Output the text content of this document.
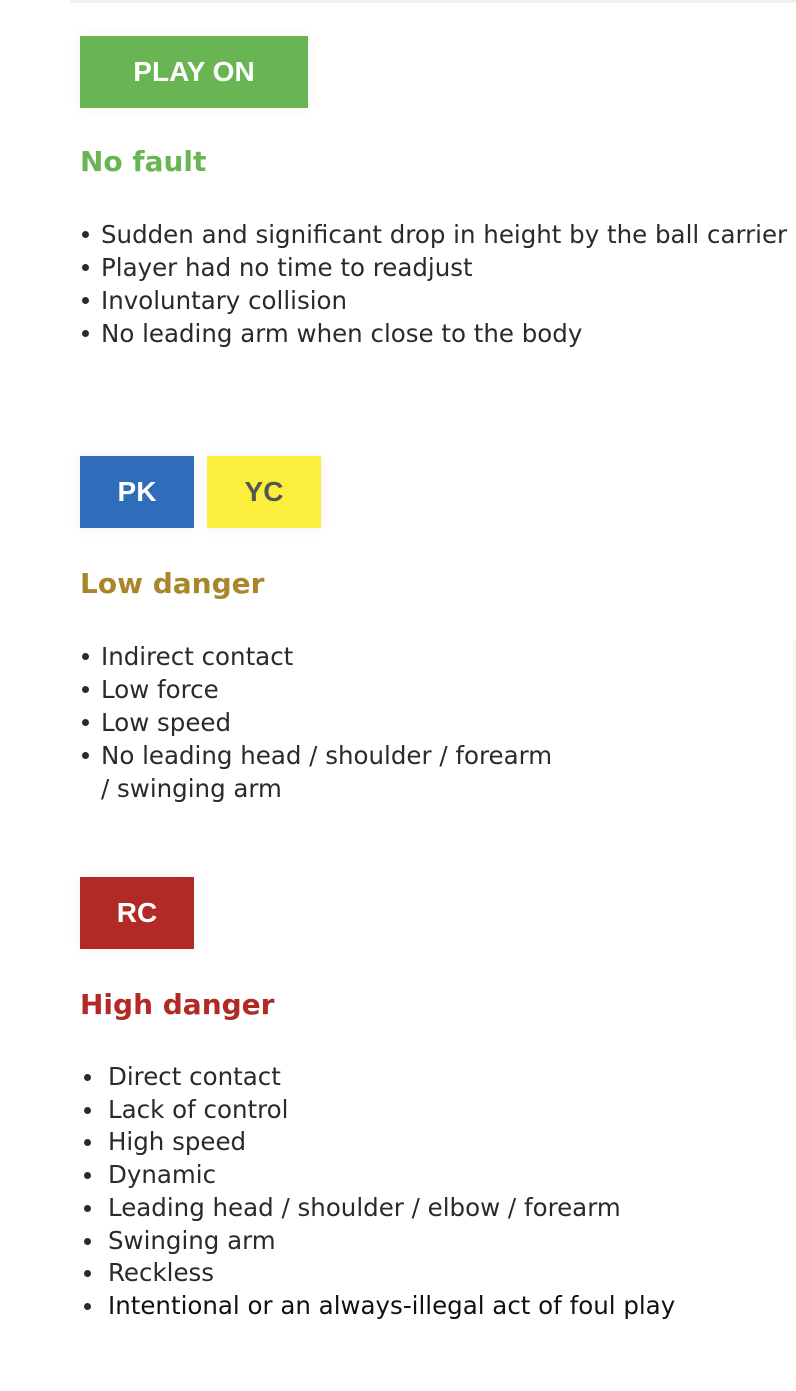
PLAY ON
No fault
Sudden and significant drop in height by the ball carrier
Player had no time to readjust
Involuntary collision
No leading arm when close to the body
PK	YC
Low danger
Indirect contact
Low force
Low speed
No leading head / shoulder / forearm
/ swinging arm
RC
High danger
Direct contact
Lack of control
High speed
Dynamic
Leading head / shoulder / elbow / forearm
Swinging arm
Reckless
Intentional or an always-illegal act of foul play
